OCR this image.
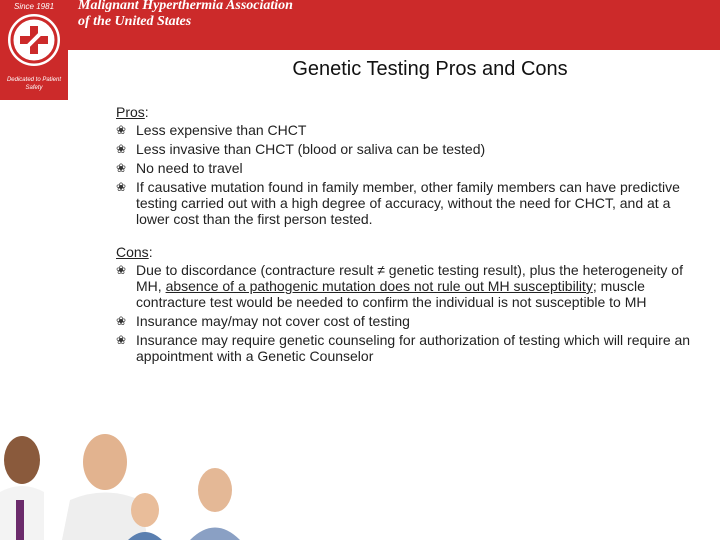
Since 1981
Dedicated to Patient Safety
Malignant Hyperthermia Association
of the United States
Genetic Testing Pros and Cons
Pros:
❀ Less expensive than CHCT
❀ Less invasive than CHCT (blood or saliva can be tested)
❀ No need to travel
❀ If causative mutation found in family member, other family members can have predictive testing carried out with a high degree of accuracy, without the need for CHCT, and at a lower cost than the first person tested.
Cons:
❀ Due to discordance (contracture result ≠ genetic testing result), plus the heterogeneity of MH, absence of a pathogenic mutation does not rule out MH susceptibility; muscle contracture test would be needed to confirm the individual is not susceptible to MH
❀ Insurance may/may not cover cost of testing
❀ Insurance may require genetic counseling for authorization of testing which will require an appointment with a Genetic Counselor
